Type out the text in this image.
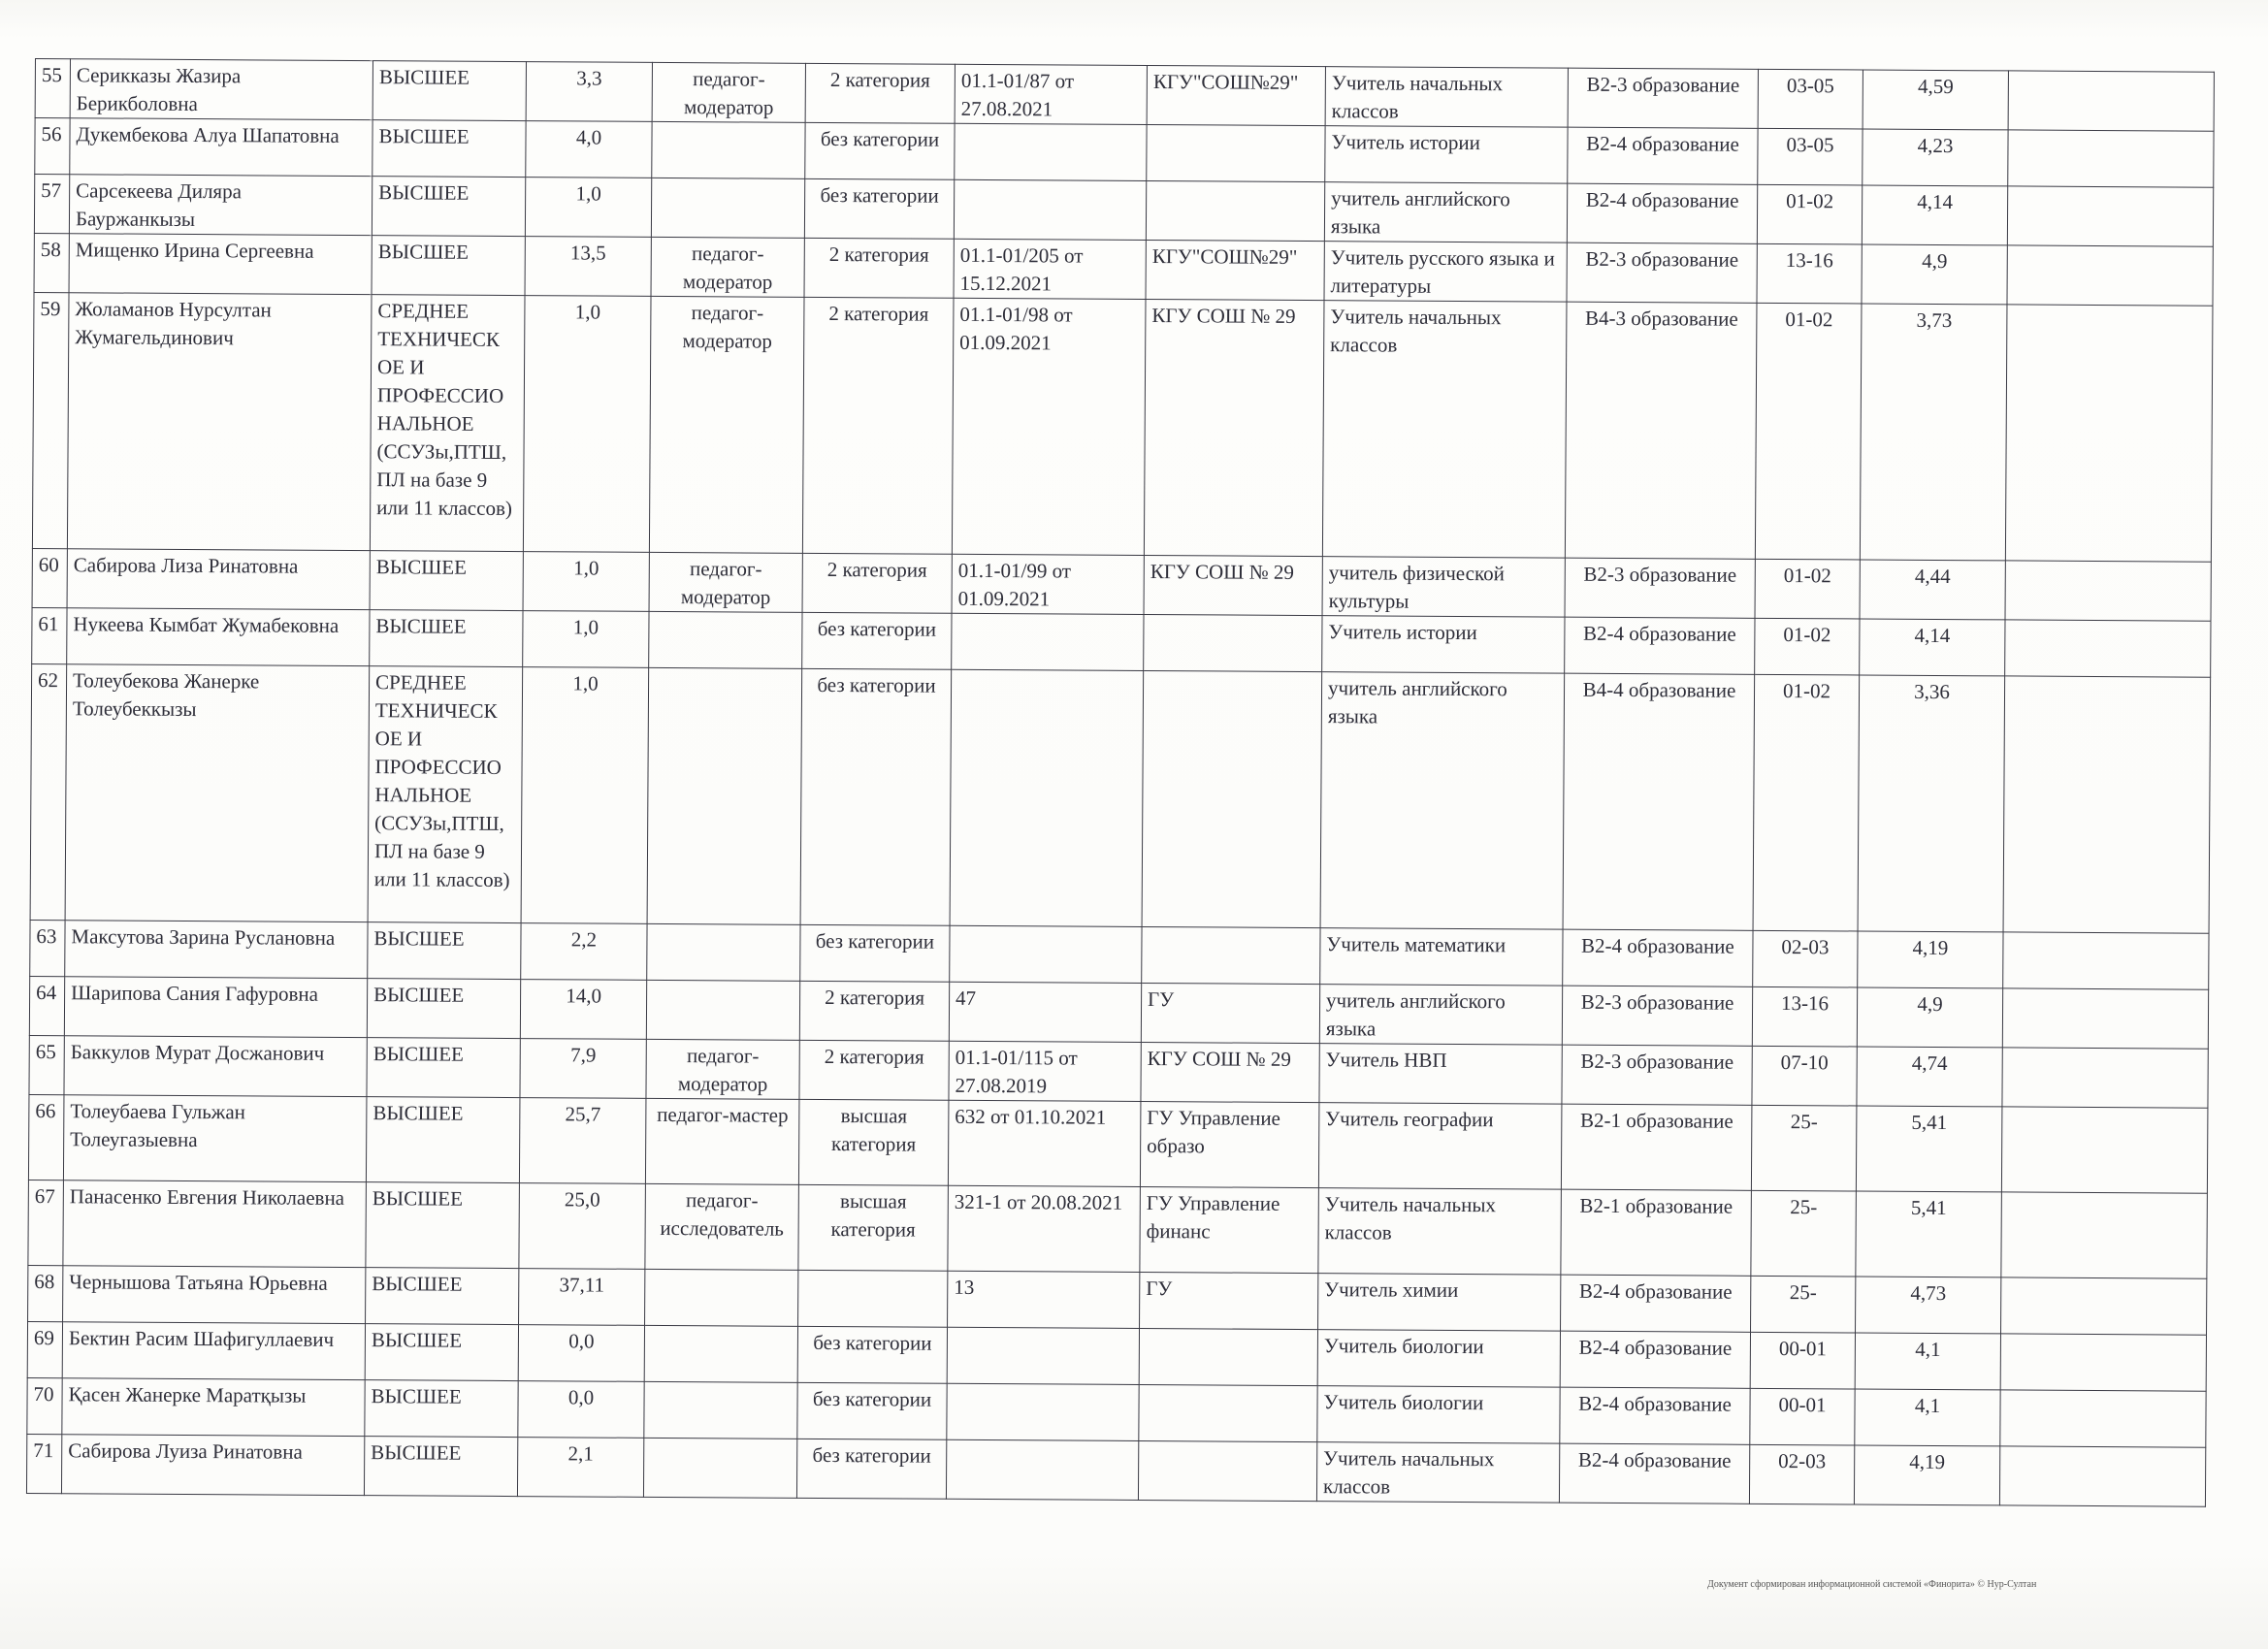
55	Серикказы Жазира Берикболовна	ВЫСШЕЕ	3,3	педагог-модератор	2 категория	01.1-01/87 от 27.08.2021	КГУ"СОШ№29"	Учитель начальных классов	В2-3 образование	03-05	4,59	
56	Дукембекова Алуа Шапатовна	ВЫСШЕЕ	4,0		без категории			Учитель истории	В2-4 образование	03-05	4,23	
57	Сарсекеева Диляра Бауржанкызы	ВЫСШЕЕ	1,0		без категории			учитель английского языка	В2-4 образование	01-02	4,14	
58	Мищенко Ирина Сергеевна	ВЫСШЕЕ	13,5	педагог-модератор	2 категория	01.1-01/205 от 15.12.2021	КГУ"СОШ№29"	Учитель русского языка и литературы	В2-3 образование	13-16	4,9	
59	Жоламанов Нурсултан Жумагельдинович	СРЕДНЕЕ ТЕХНИЧЕСК ОЕ И ПРОФЕССИО НАЛЬНОЕ (ССУЗы,ПТШ, ПЛ на базе 9 или 11 классов)	1,0	педагог-модератор	2 категория	01.1-01/98 от 01.09.2021	КГУ СОШ № 29	Учитель начальных классов	В4-3 образование	01-02	3,73	
60	Сабирова Лиза Ринатовна	ВЫСШЕЕ	1,0	педагог-модератор	2 категория	01.1-01/99 от 01.09.2021	КГУ СОШ № 29	учитель физической культуры	В2-3 образование	01-02	4,44	
61	Нукеева Кымбат Жумабековна	ВЫСШЕЕ	1,0		без категории			Учитель истории	В2-4 образование	01-02	4,14	
62	Толеубекова Жанерке Толеубеккызы	СРЕДНЕЕ ТЕХНИЧЕСК ОЕ И ПРОФЕССИО НАЛЬНОЕ (ССУЗы,ПТШ, ПЛ на базе 9 или 11 классов)	1,0		без категории			учитель английского языка	В4-4 образование	01-02	3,36	
63	Максутова Зарина Руслановна	ВЫСШЕЕ	2,2		без категории			Учитель математики	В2-4 образование	02-03	4,19	
64	Шарипова Сания Гафуровна	ВЫСШЕЕ	14,0		2 категория	47	ГУ	учитель английского языка	В2-3 образование	13-16	4,9	
65	Баккулов Мурат Досжанович	ВЫСШЕЕ	7,9	педагог-модератор	2 категория	01.1-01/115 от 27.08.2019	КГУ СОШ № 29	Учитель НВП	В2-3 образование	07-10	4,74	
66	Толеубаева Гульжан Толеугазыевна	ВЫСШЕЕ	25,7	педагог-мастер	высшая категория	632 от 01.10.2021	ГУ Управление образо	Учитель географии	В2-1 образование	25-	5,41	
67	Панасенко Евгения Николаевна	ВЫСШЕЕ	25,0	педагог-исследователь	высшая категория	321-1 от 20.08.2021	ГУ Управление финанс	Учитель начальных классов	В2-1 образование	25-	5,41	
68	Чернышова Татьяна Юрьевна	ВЫСШЕЕ	37,11			13	ГУ	Учитель химии	В2-4 образование	25-	4,73	
69	Бектин Расим Шафигуллаевич	ВЫСШЕЕ	0,0		без категории			Учитель биологии	В2-4 образование	00-01	4,1	
70	Қасен Жанерке Маратқызы	ВЫСШЕЕ	0,0		без категории			Учитель биологии	В2-4 образование	00-01	4,1	
71	Сабирова Луиза Ринатовна	ВЫСШЕЕ	2,1		без категории			Учитель начальных классов	В2-4 образование	02-03	4,19	
Документ сформирован информационной системой «Финорита» © Нур-Султан
